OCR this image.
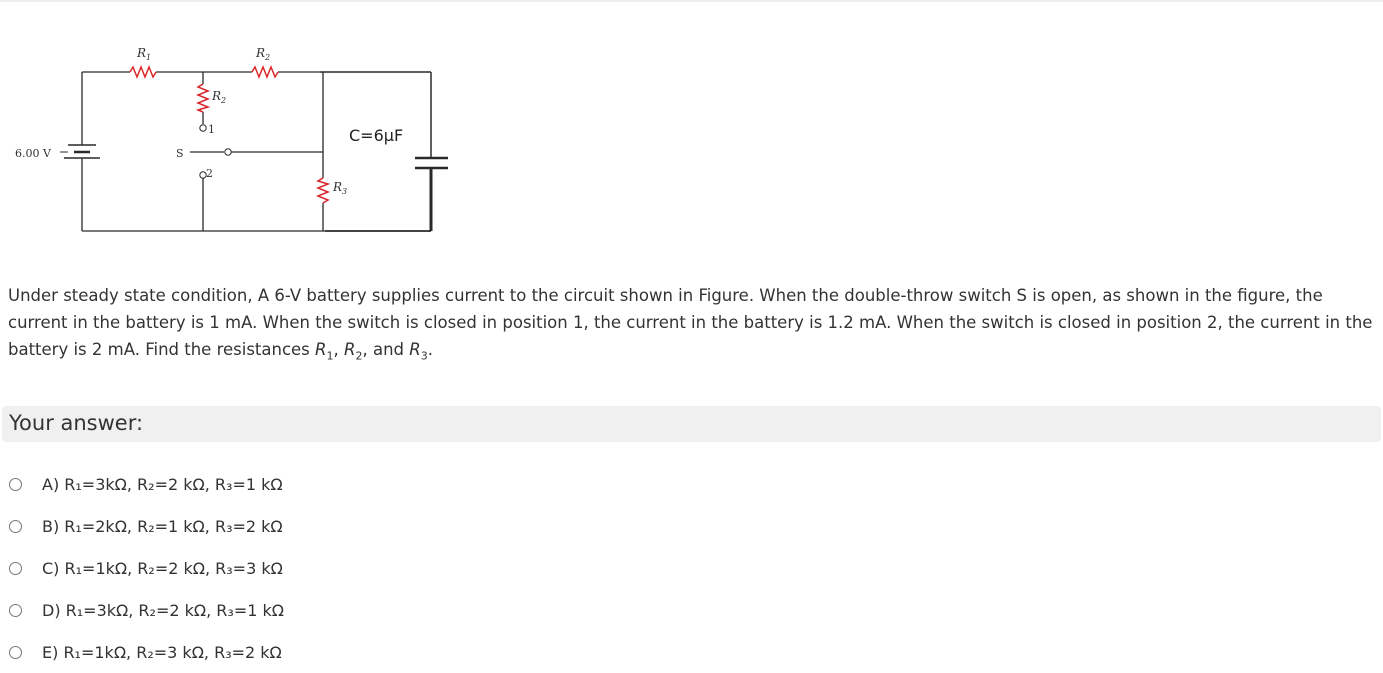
6.00 V
$R_1$	$R_2$
$R_2$
$R_3$
S
1
2
C=6μF
Under steady state condition, A 6-V battery supplies current to the circuit shown in Figure. When the double-throw switch S is open, as shown in the figure, the current in the battery is 1 mA. When the switch is closed in position 1, the current in the battery is 1.2 mA. When the switch is closed in position 2, the current in the battery is 2 mA. Find the resistances $R_1$, $R_2$, and $R_3$.
Your answer:
A) R₁=3kΩ, R₂=2 kΩ, R₃=1 kΩ
B) R₁=2kΩ, R₂=1 kΩ, R₃=2 kΩ
C) R₁=1kΩ, R₂=2 kΩ, R₃=3 kΩ
D) R₁=3kΩ, R₂=2 kΩ, R₃=1 kΩ
E) R₁=1kΩ, R₂=3 kΩ, R₃=2 kΩ
